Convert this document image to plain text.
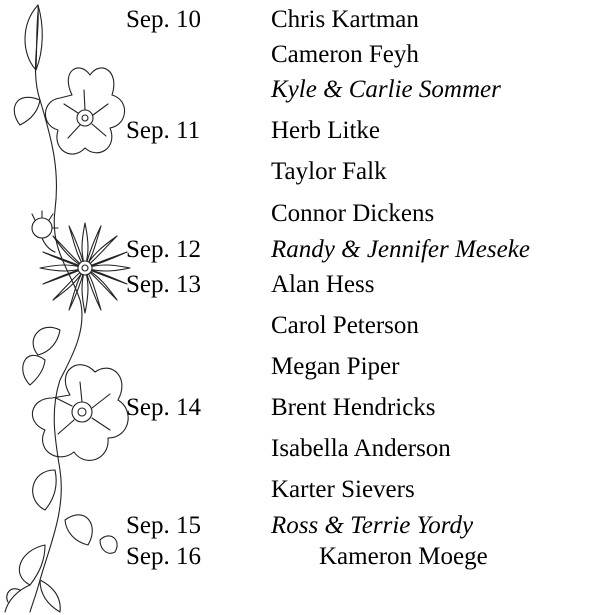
Sep. 10	Chris Kartman
Cameron Feyh
Kyle & Carlie Sommer
Sep. 11	Herb Litke
Taylor Falk
Connor Dickens
Sep. 12	Randy & Jennifer Meseke
Sep. 13	Alan Hess
Carol Peterson
Megan Piper
Sep. 14	Brent Hendricks
Isabella Anderson
Karter Sievers
Sep. 15	Ross & Terrie Yordy
Sep. 16	Kameron Moege
